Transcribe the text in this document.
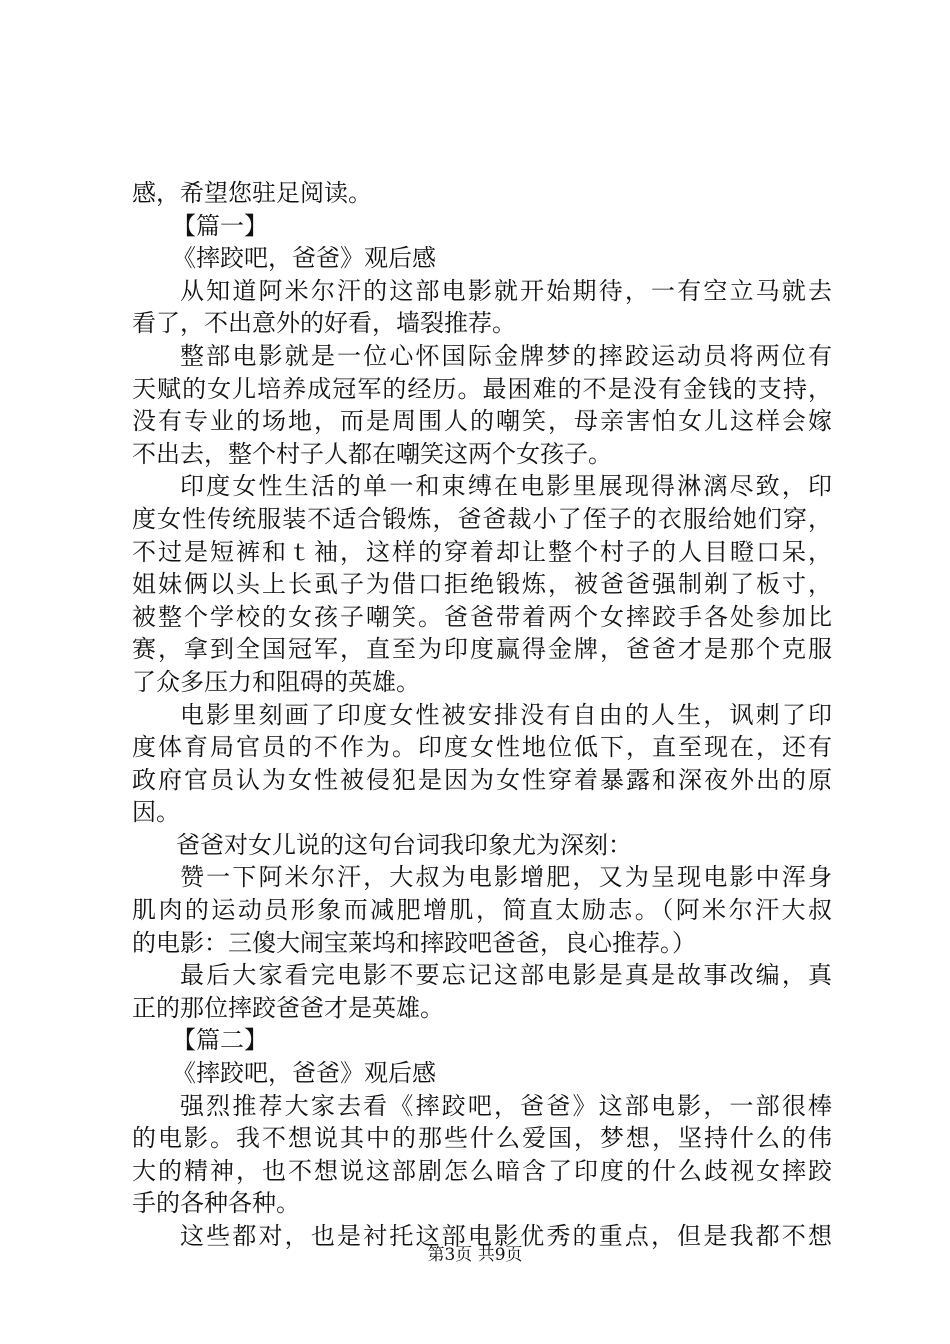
感，希望您驻足阅读。
【篇一】
《摔跤吧，爸爸》观后感
从知道阿米尔汗的这部电影就开始期待，一有空立马就去
看了，不出意外的好看，墙裂推荐。
整部电影就是一位心怀国际金牌梦的摔跤运动员将两位有
天赋的女儿培养成冠军的经历。最困难的不是没有金钱的支持，
没有专业的场地，而是周围人的嘲笑，母亲害怕女儿这样会嫁
不出去，整个村子人都在嘲笑这两个女孩子。
印度女性生活的单一和束缚在电影里展现得淋漓尽致，印
度女性传统服装不适合锻炼，爸爸裁小了侄子的衣服给她们穿，
不过是短裤和ｔ袖，这样的穿着却让整个村子的人目瞪口呆，
姐妹俩以头上长虱子为借口拒绝锻炼，被爸爸强制剃了板寸，
被整个学校的女孩子嘲笑。爸爸带着两个女摔跤手各处参加比
赛，拿到全国冠军，直至为印度赢得金牌，爸爸才是那个克服
了众多压力和阻碍的英雄。
电影里刻画了印度女性被安排没有自由的人生，讽刺了印
度体育局官员的不作为。印度女性地位低下，直至现在，还有
政府官员认为女性被侵犯是因为女性穿着暴露和深夜外出的原
因。
爸爸对女儿说的这句台词我印象尤为深刻：
赞一下阿米尔汗，大叔为电影增肥，又为呈现电影中浑身
肌肉的运动员形象而减肥增肌，简直太励志。（阿米尔汗大叔
的电影：三傻大闹宝莱坞和摔跤吧爸爸，良心推荐。）
最后大家看完电影不要忘记这部电影是真是故事改编，真
正的那位摔跤爸爸才是英雄。
【篇二】
《摔跤吧，爸爸》观后感
强烈推荐大家去看《摔跤吧，爸爸》这部电影，一部很棒
的电影。我不想说其中的那些什么爱国，梦想，坚持什么的伟
大的精神，也不想说这部剧怎么暗含了印度的什么歧视女摔跤
手的各种各种。
这些都对，也是衬托这部电影优秀的重点，但是我都不想
第3页 共9页
